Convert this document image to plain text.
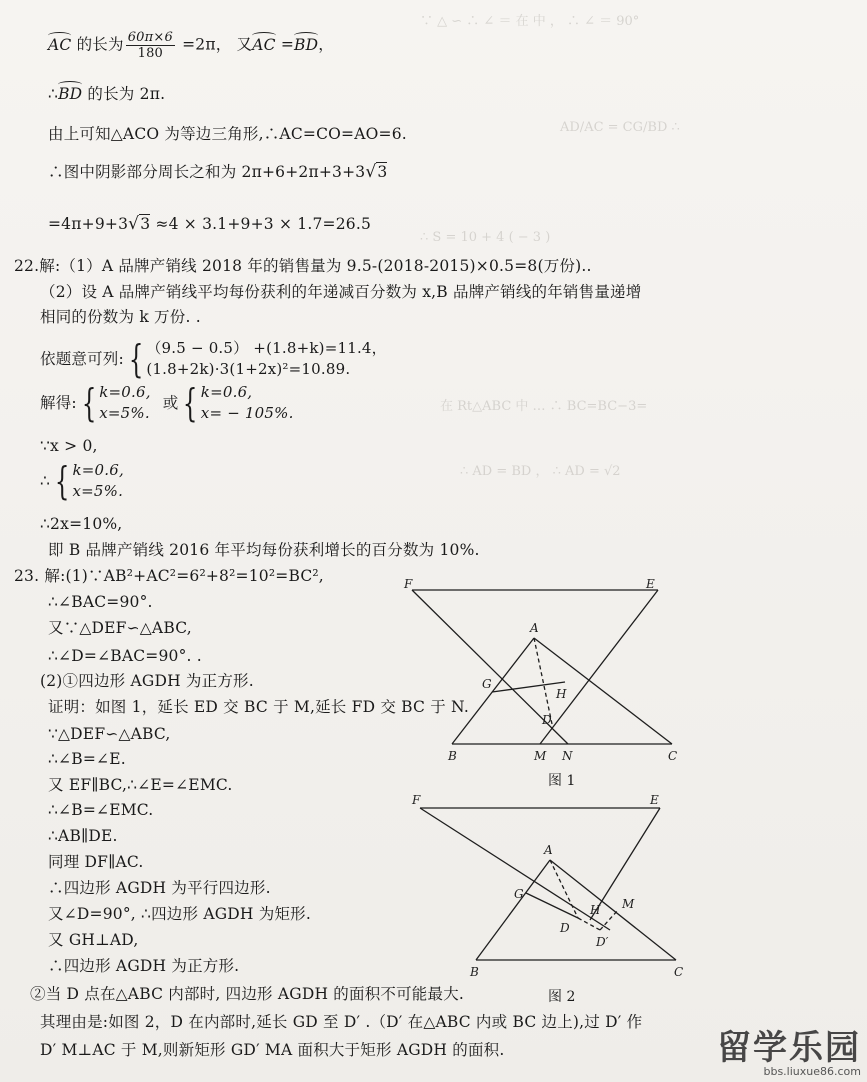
∵ △ ∽ ∴ ∠ ＝ 在 中 ， ∴ ∠ ＝ 90°
AD/AC = CG/BD ∴
∴ S = 10 + 4 ( − 3 )
在 Rt△ABC 中 … ∴ BC=BC−3=
∴ AD = BD ， ∴ AD = √2
AC 的长为 $\frac{60\pi\times 6}{180} =2\pi$， 又AC =BD，
∴BD 的长为 2π.
由上可知△ACO 为等边三角形,∴AC=CO=AO=6.
∴图中阴影部分周长之和为 2π+6+2π+3+3√3
=4π+9+3√3 ≈4 × 3.1+9+3 × 1.7=26.5
22.解:（1）A 品牌产销线 2018 年的销售量为 9.5-(2018-2015)×0.5=8(万份)..
（2）设 A 品牌产销线平均每份获利的年递减百分数为 x,B 品牌产销线的年销售量递增
相同的份数为 k 万份. .
依题意可列: { （9.5 − 0.5） +(1.8+k)=11.4，
(1.8+2k)·3(1+2x)²=10.89.
解得: { k=0.6,
x=5%.
或 { k=0.6,
x= − 105%.
∵x > 0,
∴ { k=0.6,
x=5%.
∴2x=10%,
即 B 品牌产销线 2016 年平均每份获利增长的百分数为 10%.
23. 解:(1)∵AB²+AC²=6²+8²=10²=BC²,
∴∠BAC=90°.
又∵△DEF∽△ABC,
∴∠D=∠BAC=90°. .
(2)①四边形 AGDH 为正方形.
证明：如图 1，延长 ED 交 BC 于 M,延长 FD 交 BC 于 N.
∵△DEF∽△ABC,
∴∠B=∠E.
又 EF∥BC,∴∠E=∠EMC.
∴∠B=∠EMC.
∴AB∥DE.
同理 DF∥AC.
∴四边形 AGDH 为平行四边形.
又∠D=90°, ∴四边形 AGDH 为矩形.
又 GH⊥AD,
∴四边形 AGDH 为正方形.
②当 D 点在△ABC 内部时, 四边形 AGDH 的面积不可能最大.
其理由是:如图 2，D 在内部时,延长 GD 至 D′ .（D′ 在△ABC 内或 BC 边上),过 D′ 作
D′ M⊥AC 于 M,则新矩形 GD′ MA 面积大于矩形 AGDH 的面积.
F	E
A
G
H
D
B	M N	C
图 1
F	E
A
G
H M
D
D′
B	C
图 2
留学乐园
bbs.liuxue86.com
